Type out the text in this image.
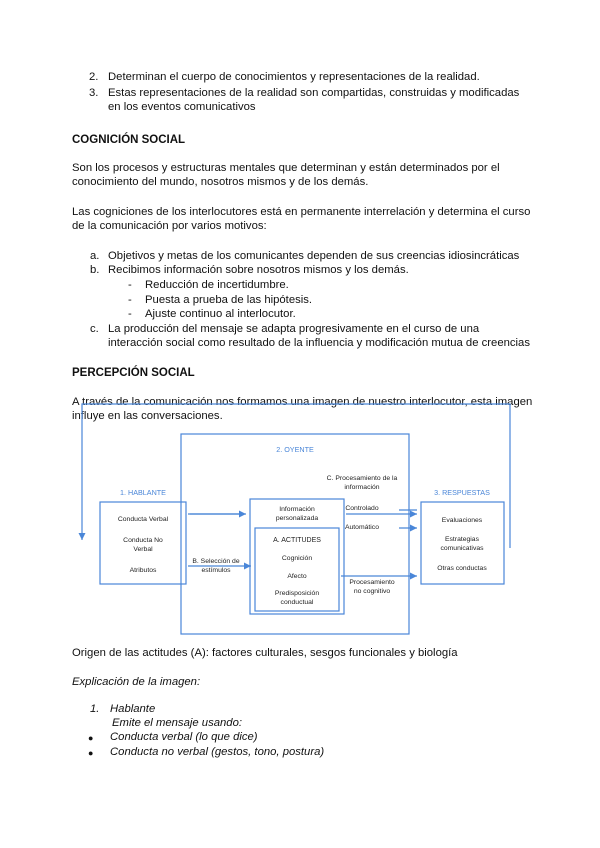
2. Determinan el cuerpo de conocimientos y representaciones de la realidad.
3. Estas representaciones de la realidad son compartidas, construidas y modificadas
en los eventos comunicativos
COGNICIÓN SOCIAL
Son los procesos y estructuras mentales que determinan y están determinados por el
conocimiento del mundo, nosotros mismos y de los demás.
Las cogniciones de los interlocutores está en permanente interrelación y determina el curso
de la comunicación por varios motivos:
a. Objetivos y metas de los comunicantes dependen de sus creencias idiosincráticas
b. Recibimos información sobre nosotros mismos y los demás.
- Reducción de incertidumbre.
- Puesta a prueba de las hipótesis.
- Ajuste continuo al interlocutor.
c. La producción del mensaje se adapta progresivamente en el curso de una
interacción social como resultado de la influencia y modificación mutua de creencias
PERCEPCIÓN SOCIAL
A través de la comunicación nos formamos una imagen de nuestro interlocutor, esta imagen
influye en las conversaciones.
2. OYENTE
1. HABLANTE	3. RESPUESTAS
Conducta Verbal
Conducta No
Verbal
Atributos
B. Selección de
estímulos
Información
personalizada
A. ACTITUDES
Cognición
Afecto
Predisposición
conductual
C. Procesamiento de la
información
Controlado
Automático
Procesamiento
no cognitivo
Evaluaciones
Estrategias
comunicativas
Otras conductas
Origen de las actitudes (A): factores culturales, sesgos funcionales y biología
Explicación de la imagen:
1. Hablante
Emite el mensaje usando:
● Conducta verbal (lo que dice)
● Conducta no verbal (gestos, tono, postura)
